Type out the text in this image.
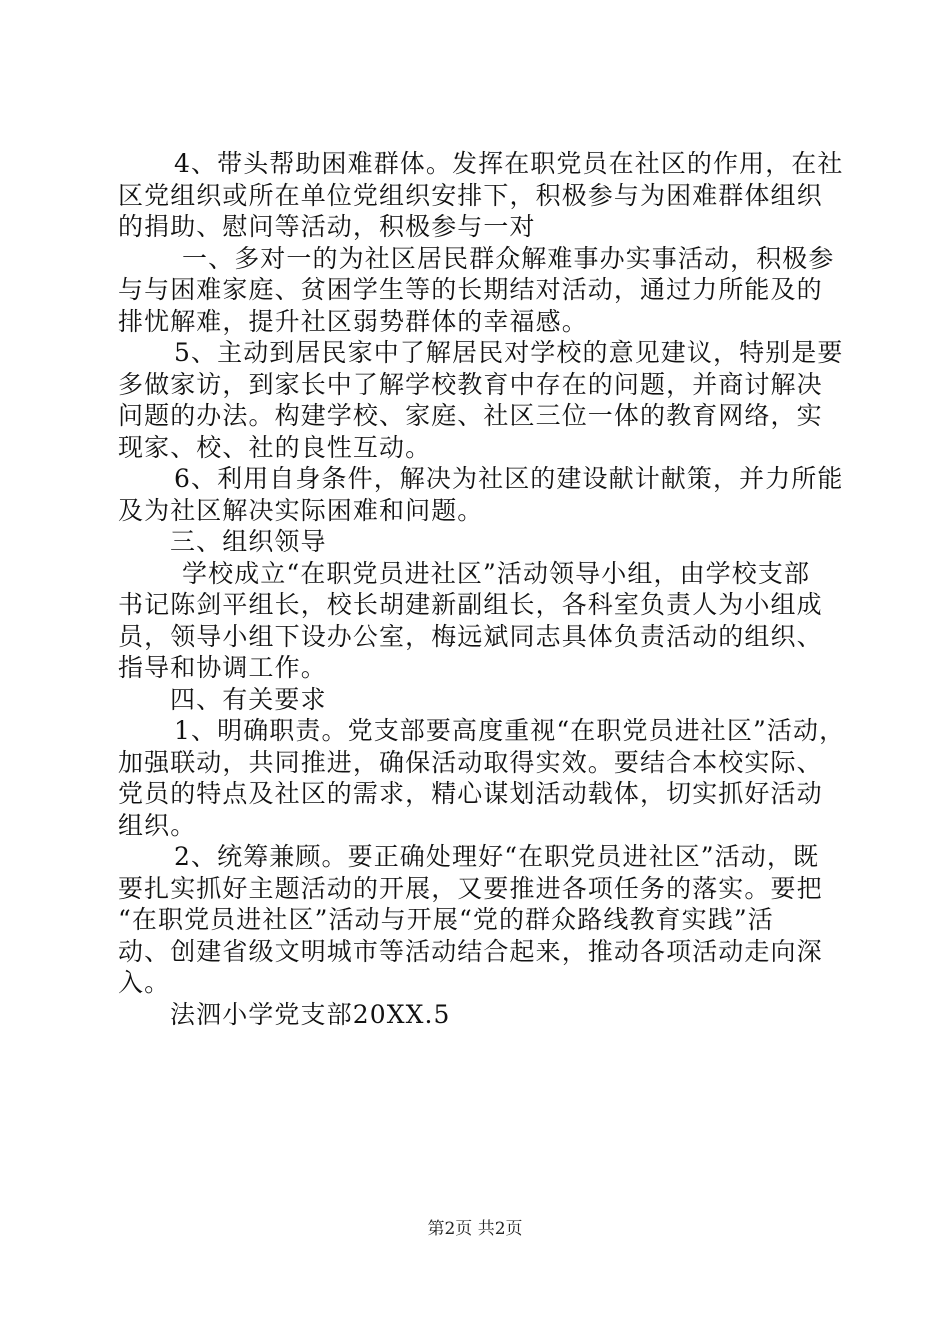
4、带头帮助困难群体。发挥在职党员在社区的作用，在社
区党组织或所在单位党组织安排下，积极参与为困难群体组织
的捐助、慰问等活动，积极参与一对
一、多对一的为社区居民群众解难事办实事活动，积极参
与与困难家庭、贫困学生等的长期结对活动，通过力所能及的
排忧解难，提升社区弱势群体的幸福感。
5、主动到居民家中了解居民对学校的意见建议，特别是要
多做家访，到家长中了解学校教育中存在的问题，并商讨解决
问题的办法。构建学校、家庭、社区三位一体的教育网络，实
现家、校、社的良性互动。
6、利用自身条件，解决为社区的建设献计献策，并力所能
及为社区解决实际困难和问题。
三、组织领导
学校成立“在职党员进社区”活动领导小组，由学校支部
书记陈剑平组长，校长胡建新副组长，各科室负责人为小组成
员，领导小组下设办公室，梅远斌同志具体负责活动的组织、
指导和协调工作。
四、有关要求
1、明确职责。党支部要高度重视“在职党员进社区”活动，
加强联动，共同推进，确保活动取得实效。要结合本校实际、
党员的特点及社区的需求，精心谋划活动载体，切实抓好活动
组织。
2、统筹兼顾。要正确处理好“在职党员进社区”活动，既
要扎实抓好主题活动的开展，又要推进各项任务的落实。要把
“在职党员进社区”活动与开展“党的群众路线教育实践”活
动、创建省级文明城市等活动结合起来，推动各项活动走向深
入。
法泗小学党支部20XX.5
第2页 共2页
